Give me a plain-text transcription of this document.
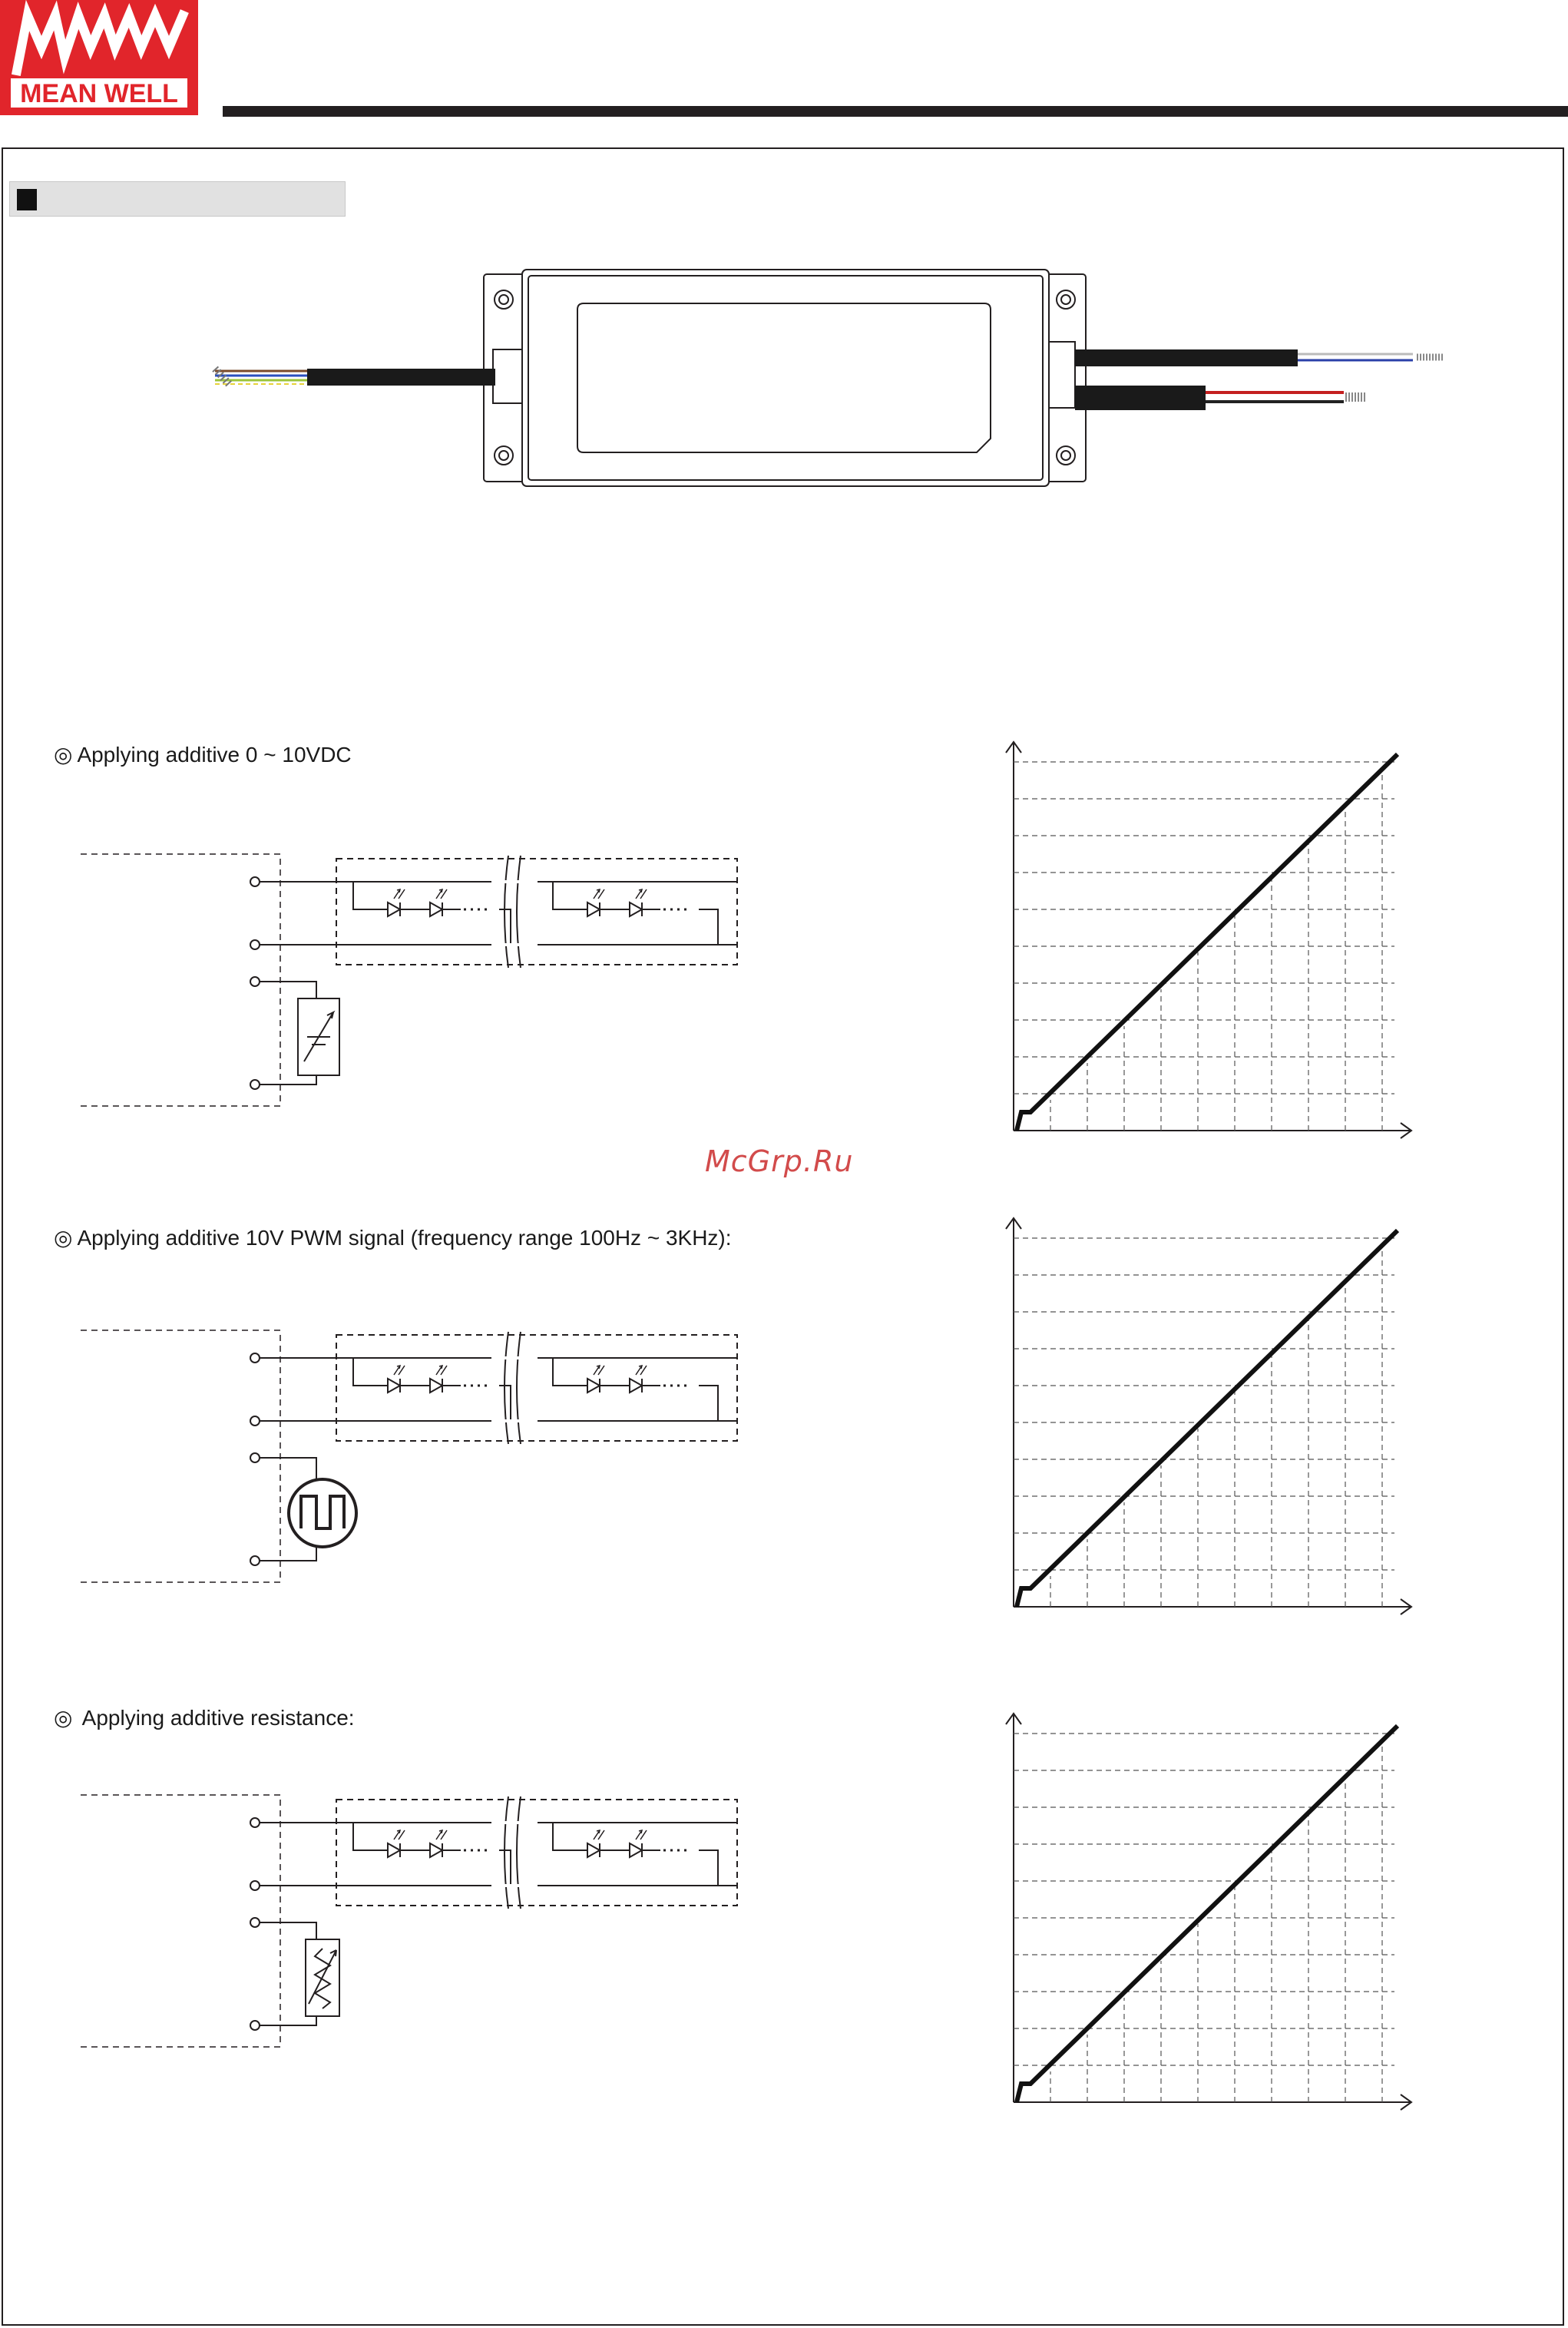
MEAN WELL
◎ Applying additive 0 ~ 10VDC
◎ Applying additive 10V PWM signal (frequency range 100Hz ~ 3KHz):
◎ Applying additive resistance:
McGrp.Ru
